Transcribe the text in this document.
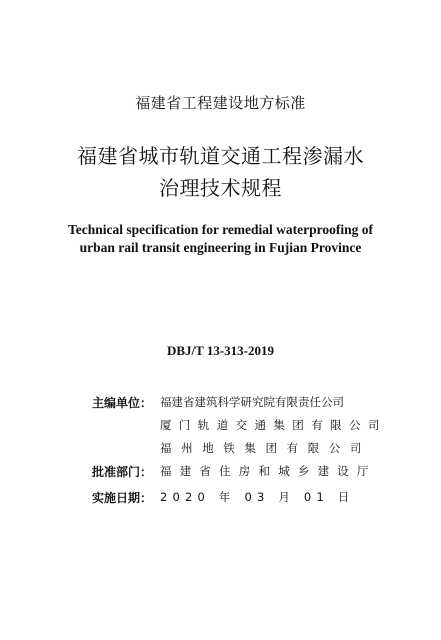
福建省工程建设地方标准
福建省城市轨道交通工程渗漏水
治理技术规程
Technical specification for remedial waterproofing of
urban rail transit engineering in Fujian Province
DBJ/T 13-313-2019
主编单位： 福建省建筑科学研究院有限责任公司
厦门轨道交通集团有限公司
福州地铁集团有限公司
批准部门： 福建省住房和城乡建设厅
实施日期： 2020 年 03 月 01 日
